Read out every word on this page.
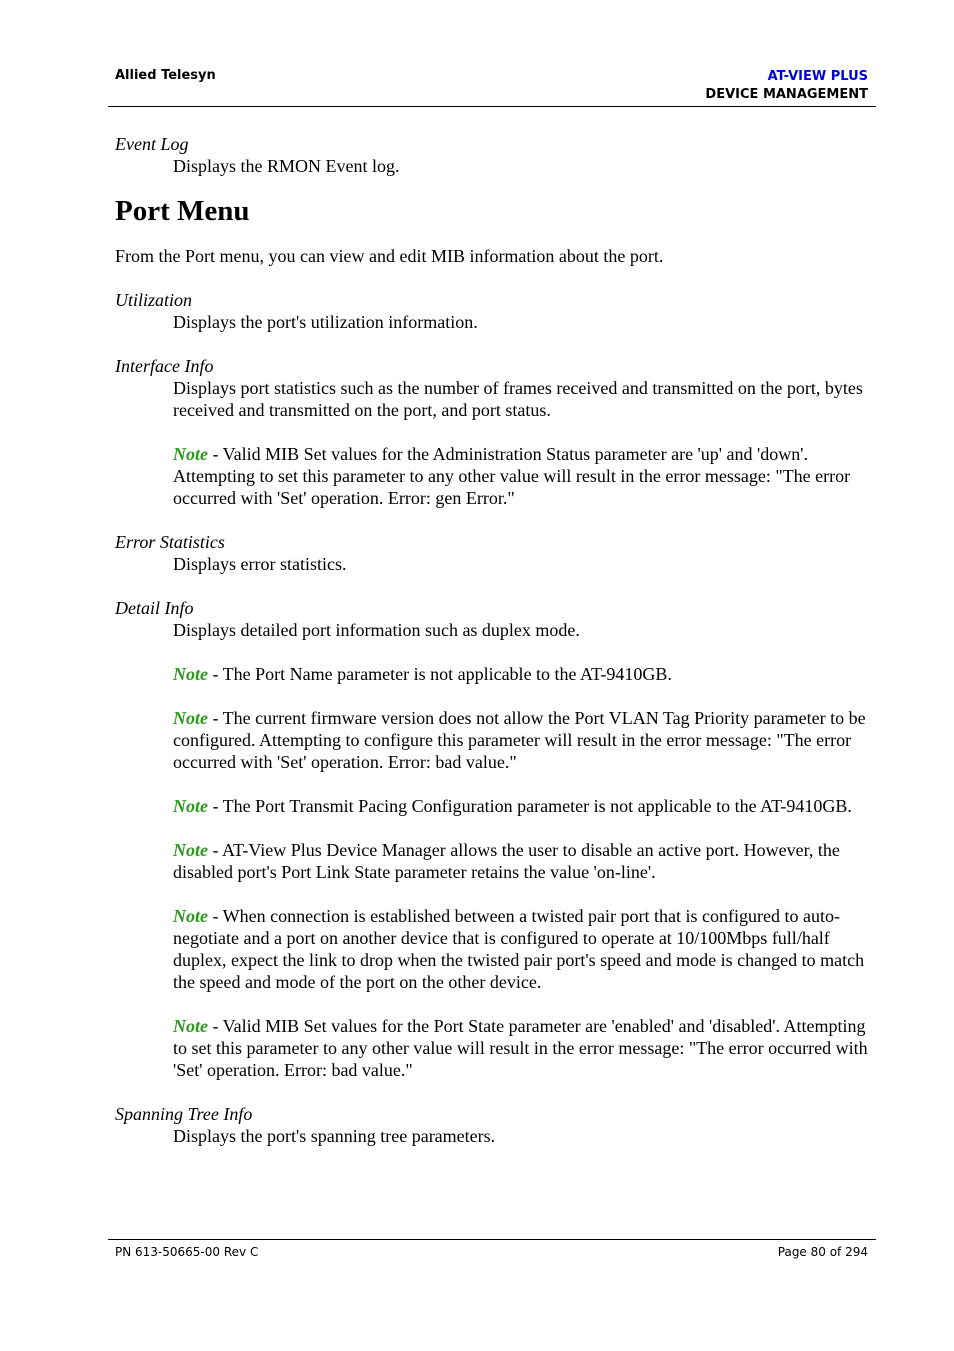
Allied Telesyn	AT-VIEW PLUS
DEVICE MANAGEMENT

Event Log

Displays the RMON Event log.

Port Menu

From the Port menu, you can view and edit MIB information about the port.

Utilization

Displays the port's utilization information.

Interface Info

Displays port statistics such as the number of frames received and transmitted on the port, bytes received and transmitted on the port, and port status.

Note - Valid MIB Set values for the Administration Status parameter are 'up' and 'down'. Attempting to set this parameter to any other value will result in the error message: "The error occurred with 'Set' operation. Error: gen Error."

Error Statistics

Displays error statistics.

Detail Info

Displays detailed port information such as duplex mode.

Note - The Port Name parameter is not applicable to the AT-9410GB.

Note - The current firmware version does not allow the Port VLAN Tag Priority parameter to be configured. Attempting to configure this parameter will result in the error message: "The error occurred with 'Set' operation. Error: bad value."

Note - The Port Transmit Pacing Configuration parameter is not applicable to the AT-9410GB.

Note - AT-View Plus Device Manager allows the user to disable an active port. However, the disabled port's Port Link State parameter retains the value 'on-line'.

Note - When connection is established between a twisted pair port that is configured to auto-negotiate and a port on another device that is configured to operate at 10/100Mbps full/half duplex, expect the link to drop when the twisted pair port's speed and mode is changed to match the speed and mode of the port on the other device.

Note - Valid MIB Set values for the Port State parameter are 'enabled' and 'disabled'. Attempting to set this parameter to any other value will result in the error message: "The error occurred with 'Set' operation. Error: bad value."

Spanning Tree Info

Displays the port's spanning tree parameters.

PN 613-50665-00 Rev C	Page 80 of 294
